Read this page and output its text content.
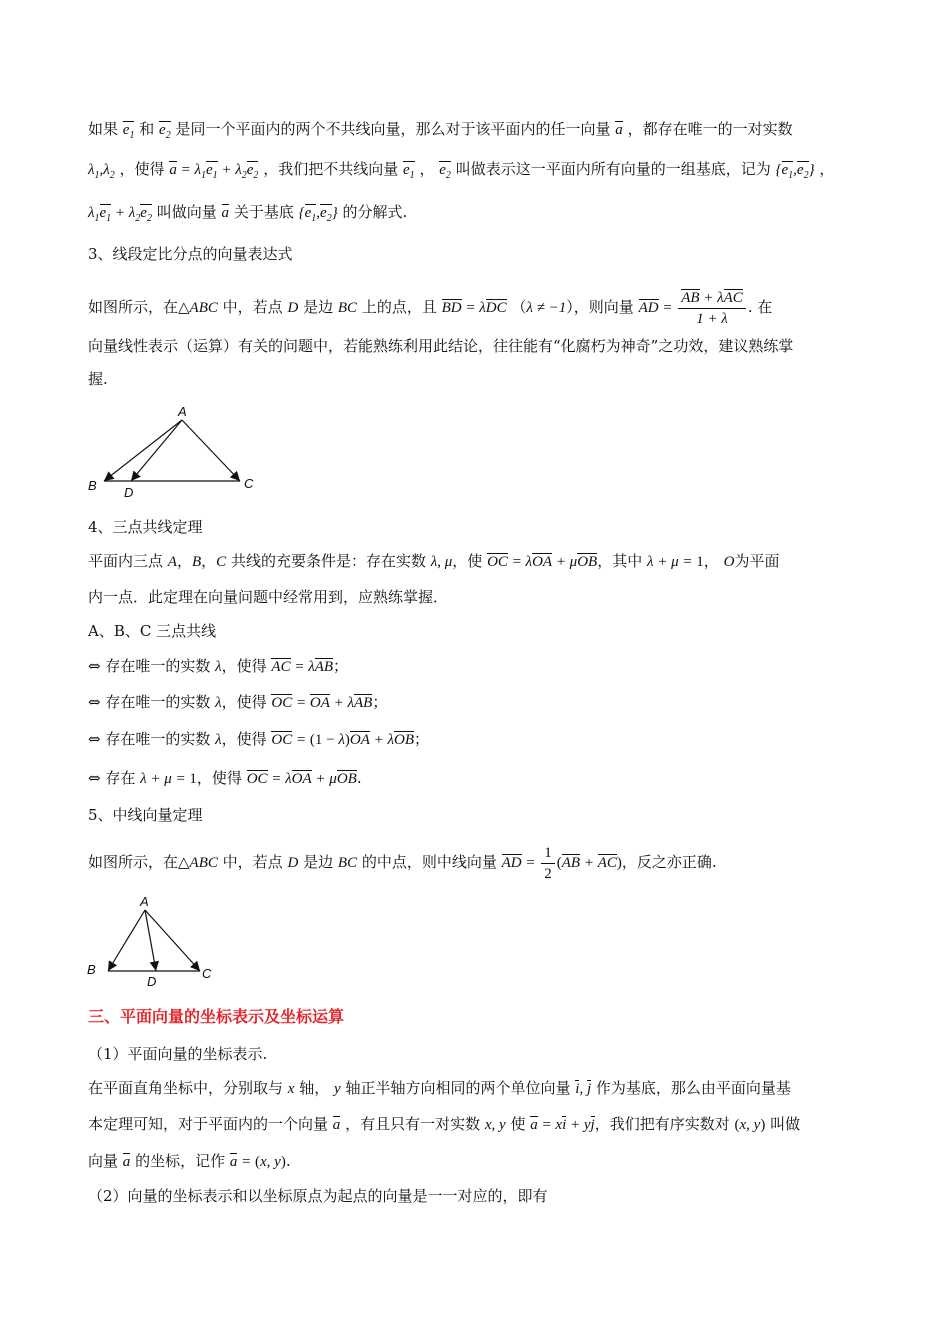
如果 $e_1$ 和 $e_2$ 是同一个平面内的两个不共线向量，那么对于该平面内的任一向量 a ，都存在唯一的一对实数
$\lambda_1,\lambda_2$ ，使得 $a = \lambda_1e_1 + \lambda_2e_2$ ，我们把不共线向量 $e_1$ ， $e_2$ 叫做表示这一平面内所有向量的一组基底，记为 $\{e_1,e_2\}$ ，
$\lambda_1e_1 + \lambda_2e_2$ 叫做向量 a 关于基底 $\{e_1,e_2\}$ 的分解式.
3、线段定比分点的向量表达式
如图所示，在△ABC 中，若点 D 是边 BC 上的点，且 BD = λDC （λ ≠ −1），则向量 AD = $\frac{\text{AB + λAC}}{1 + \lambda}$ . 在
向量线性表示（运算）有关的问题中，若能熟练利用此结论，往往能有“化腐朽为神奇”之功效，建议熟练掌
握.
A
B	C
D
4、三点共线定理
平面内三点 A，B，C 共线的充要条件是：存在实数 λ, μ，使 OC = λOA + μOB，其中 λ + μ = 1， O为平面
内一点．此定理在向量问题中经常用到，应熟练掌握．
A、B、C 三点共线
⇔ 存在唯一的实数 λ，使得 AC = λAB；
⇔ 存在唯一的实数 λ，使得 OC = OA + λAB；
⇔ 存在唯一的实数 λ，使得 OC = (1 − λ)OA + λOB；
⇔ 存在 λ + μ = 1，使得 OC = λOA + μOB.
5、中线向量定理
如图所示，在△ABC 中，若点 D 是边 BC 的中点，则中线向量 AD = $\frac{1}{2} (AB + AC)$，反之亦正确.
A
B	C
D
三、平面向量的坐标表示及坐标运算
（1）平面向量的坐标表示.
在平面直角坐标中，分别取与 x 轴， y 轴正半轴方向相同的两个单位向量 i, j 作为基底，那么由平面向量基
本定理可知，对于平面内的一个向量 a ，有且只有一对实数 x, y 使 a = xi + yj，我们把有序实数对 (x, y) 叫做
向量 a 的坐标，记作 a = (x, y).
（2）向量的坐标表示和以坐标原点为起点的向量是一一对应的，即有
